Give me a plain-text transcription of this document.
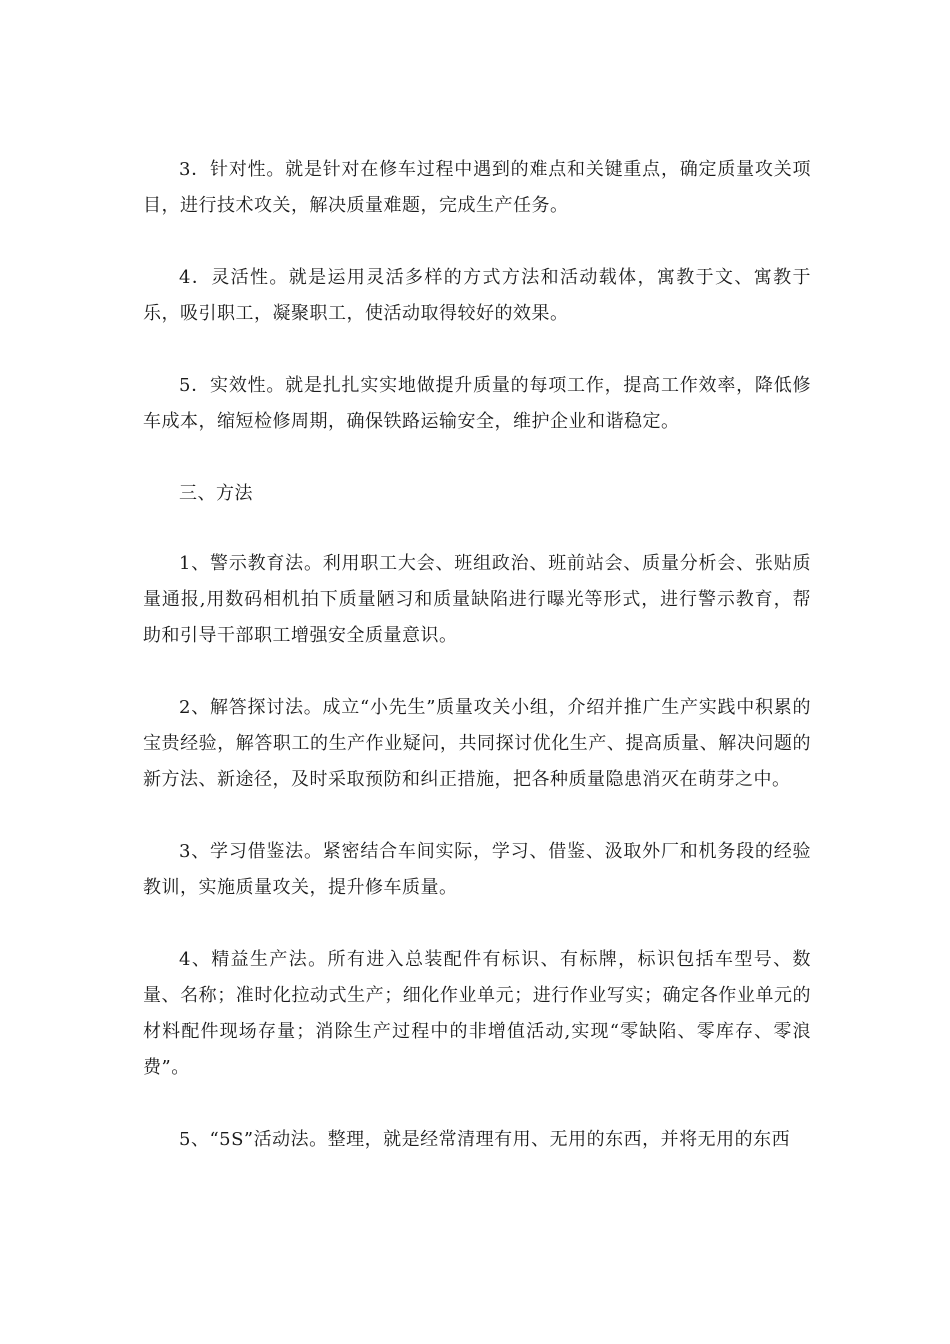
3．针对性。就是针对在修车过程中遇到的难点和关键重点，确定质量攻关项目，进行技术攻关，解决质量难题，完成生产任务。

4．灵活性。就是运用灵活多样的方式方法和活动载体，寓教于文、寓教于乐，吸引职工，凝聚职工，使活动取得较好的效果。

5．实效性。就是扎扎实实地做提升质量的每项工作，提高工作效率，降低修车成本，缩短检修周期，确保铁路运输安全，维护企业和谐稳定。

三、方法

1、警示教育法。利用职工大会、班组政治、班前站会、质量分析会、张贴质量通报,用数码相机拍下质量陋习和质量缺陷进行曝光等形式，进行警示教育，帮助和引导干部职工增强安全质量意识。

2、解答探讨法。成立“小先生”质量攻关小组，介绍并推广生产实践中积累的宝贵经验，解答职工的生产作业疑问，共同探讨优化生产、提高质量、解决问题的新方法、新途径，及时采取预防和纠正措施，把各种质量隐患消灭在萌芽之中。

3、学习借鉴法。紧密结合车间实际，学习、借鉴、汲取外厂和机务段的经验教训，实施质量攻关，提升修车质量。

4、精益生产法。所有进入总装配件有标识、有标牌，标识包括车型号、数量、名称；准时化拉动式生产；细化作业单元；进行作业写实；确定各作业单元的材料配件现场存量；消除生产过程中的非增值活动,实现“零缺陷、零库存、零浪费”。

5、“5S”活动法。整理，就是经常清理有用、无用的东西，并将无用的东西
